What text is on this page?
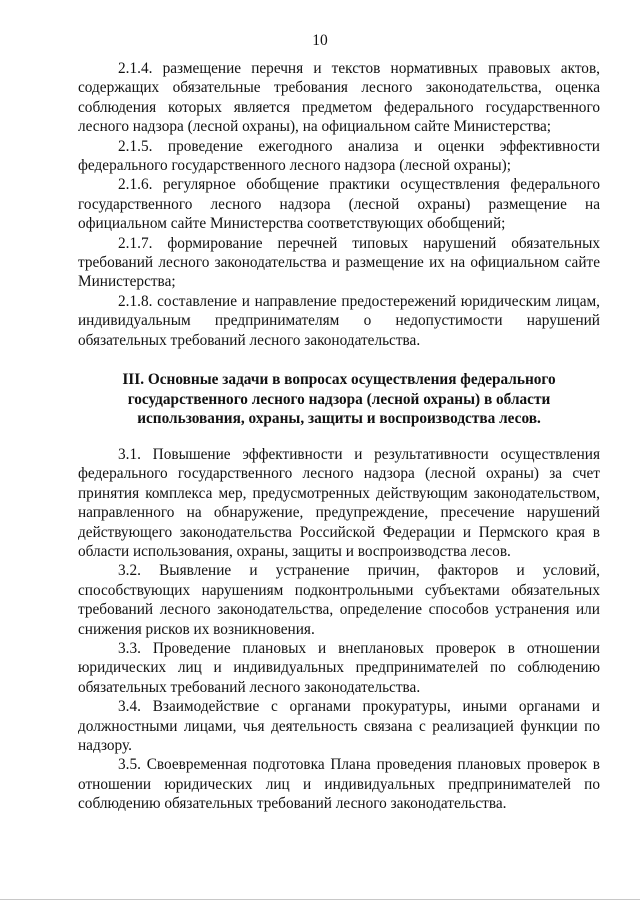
10

2.1.4. размещение перечня и текстов нормативных правовых актов, содержащих обязательные требования лесного законодательства, оценка соблюдения которых является предметом федерального государственного лесного надзора (лесной охраны), на официальном сайте Министерства;

2.1.5. проведение ежегодного анализа и оценки эффективности федерального государственного лесного надзора (лесной охраны);

2.1.6. регулярное обобщение практики осуществления федерального государственного лесного надзора (лесной охраны) размещение на официальном сайте Министерства соответствующих обобщений;

2.1.7. формирование перечней типовых нарушений обязательных требований лесного законодательства и размещение их на официальном сайте Министерства;

2.1.8. составление и направление предостережений юридическим лицам, индивидуальным предпринимателям о недопустимости нарушений обязательных требований лесного законодательства.

III. Основные задачи в вопросах осуществления федерального государственного лесного надзора (лесной охраны) в области использования, охраны, защиты и воспроизводства лесов.

3.1. Повышение эффективности и результативности осуществления федерального государственного лесного надзора (лесной охраны) за счет принятия комплекса мер, предусмотренных действующим законодательством, направленного на обнаружение, предупреждение, пресечение нарушений действующего законодательства Российской Федерации и Пермского края в области использования, охраны, защиты и воспроизводства лесов.

3.2. Выявление и устранение причин, факторов и условий, способствующих нарушениям подконтрольными субъектами обязательных требований лесного законодательства, определение способов устранения или снижения рисков их возникновения.

3.3. Проведение плановых и внеплановых проверок в отношении юридических лиц и индивидуальных предпринимателей по соблюдению обязательных требований лесного законодательства.

3.4. Взаимодействие с органами прокуратуры, иными органами и должностными лицами, чья деятельность связана с реализацией функции по надзору.

3.5. Своевременная подготовка Плана проведения плановых проверок в отношении юридических лиц и индивидуальных предпринимателей по соблюдению обязательных требований лесного законодательства.
